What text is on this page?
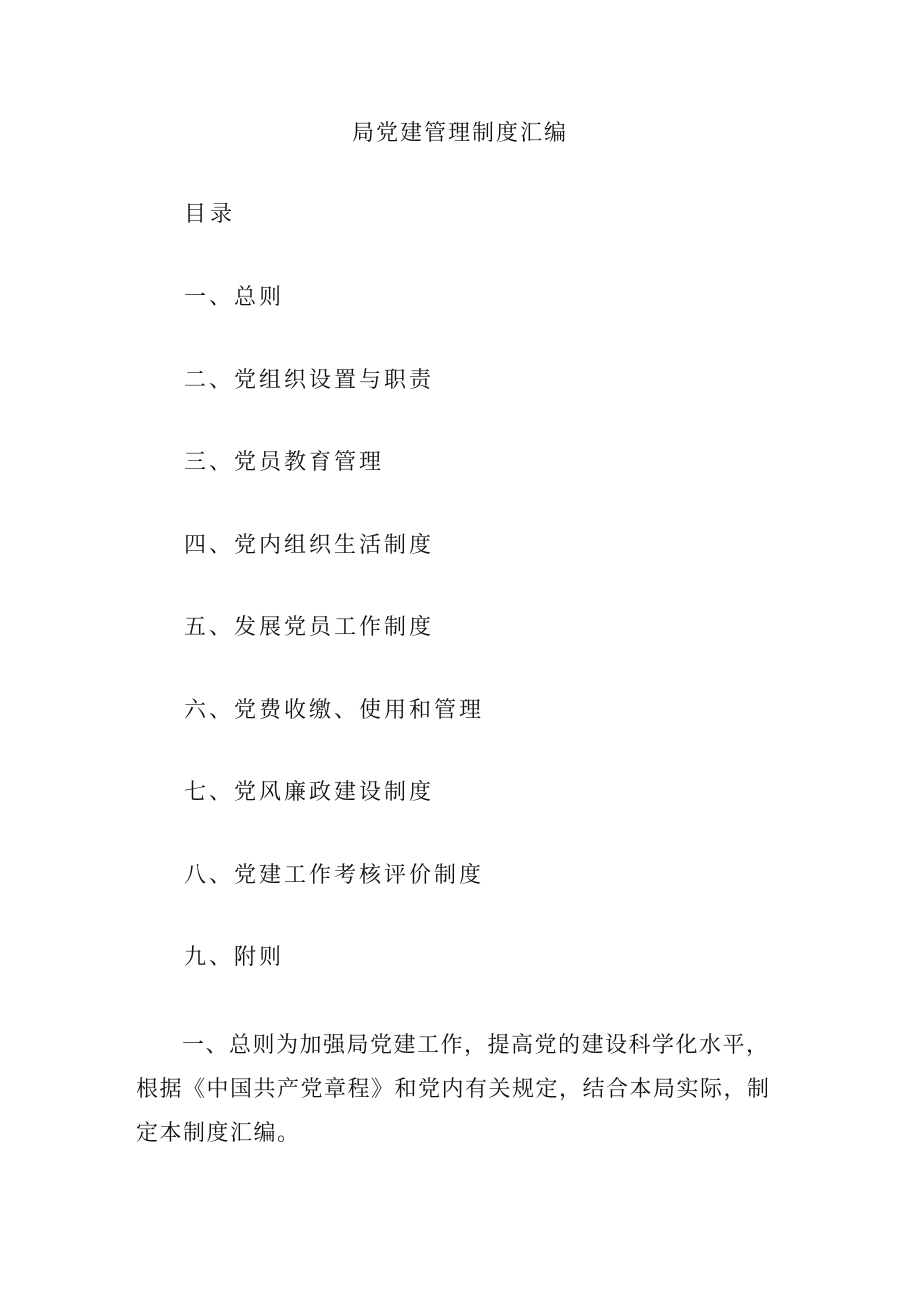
局党建管理制度汇编
目录
一、总则
二、党组织设置与职责
三、党员教育管理
四、党内组织生活制度
五、发展党员工作制度
六、党费收缴、使用和管理
七、党风廉政建设制度
八、党建工作考核评价制度
九、附则

一、总则为加强局党建工作，提高党的建设科学化水平，根据《中国共产党章程》和党内有关规定，结合本局实际，制定本制度汇编。
